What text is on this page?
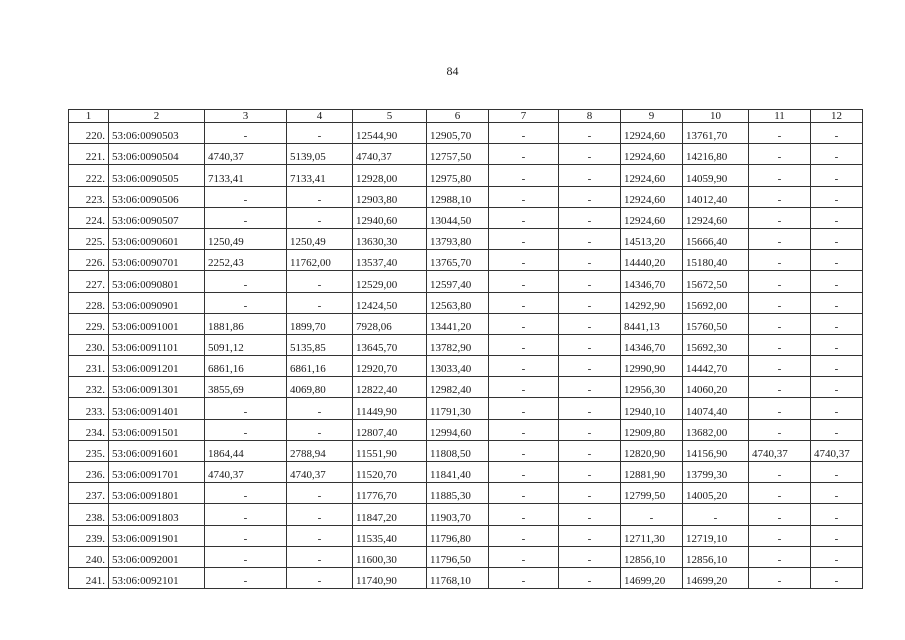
84
1	2	3	4	5	6	7	8	9	10	11	12
220.	53:06:0090503	-	-	12544,90	12905,70	-	-	12924,60	13761,70	-	-
221.	53:06:0090504	4740,37	5139,05	4740,37	12757,50	-	-	12924,60	14216,80	-	-
222.	53:06:0090505	7133,41	7133,41	12928,00	12975,80	-	-	12924,60	14059,90	-	-
223.	53:06:0090506	-	-	12903,80	12988,10	-	-	12924,60	14012,40	-	-
224.	53:06:0090507	-	-	12940,60	13044,50	-	-	12924,60	12924,60	-	-
225.	53:06:0090601	1250,49	1250,49	13630,30	13793,80	-	-	14513,20	15666,40	-	-
226.	53:06:0090701	2252,43	11762,00	13537,40	13765,70	-	-	14440,20	15180,40	-	-
227.	53:06:0090801	-	-	12529,00	12597,40	-	-	14346,70	15672,50	-	-
228.	53:06:0090901	-	-	12424,50	12563,80	-	-	14292,90	15692,00	-	-
229.	53:06:0091001	1881,86	1899,70	7928,06	13441,20	-	-	8441,13	15760,50	-	-
230.	53:06:0091101	5091,12	5135,85	13645,70	13782,90	-	-	14346,70	15692,30	-	-
231.	53:06:0091201	6861,16	6861,16	12920,70	13033,40	-	-	12990,90	14442,70	-	-
232.	53:06:0091301	3855,69	4069,80	12822,40	12982,40	-	-	12956,30	14060,20	-	-
233.	53:06:0091401	-	-	11449,90	11791,30	-	-	12940,10	14074,40	-	-
234.	53:06:0091501	-	-	12807,40	12994,60	-	-	12909,80	13682,00	-	-
235.	53:06:0091601	1864,44	2788,94	11551,90	11808,50	-	-	12820,90	14156,90	4740,37	4740,37
236.	53:06:0091701	4740,37	4740,37	11520,70	11841,40	-	-	12881,90	13799,30	-	-
237.	53:06:0091801	-	-	11776,70	11885,30	-	-	12799,50	14005,20	-	-
238.	53:06:0091803	-	-	11847,20	11903,70	-	-	-	-	-	-
239.	53:06:0091901	-	-	11535,40	11796,80	-	-	12711,30	12719,10	-	-
240.	53:06:0092001	-	-	11600,30	11796,50	-	-	12856,10	12856,10	-	-
241.	53:06:0092101	-	-	11740,90	11768,10	-	-	14699,20	14699,20	-	-
